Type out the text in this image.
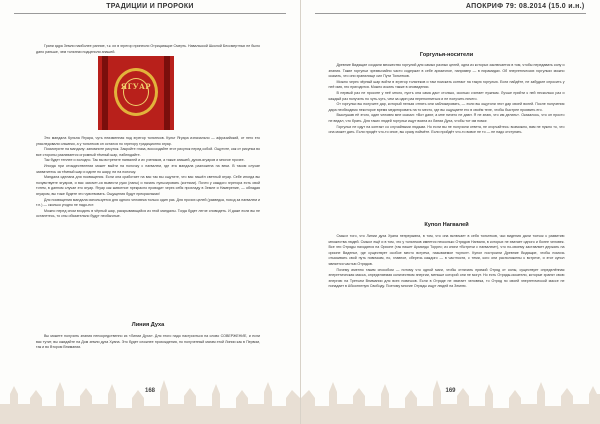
ТРАДИЦИИ И ПРОРОКИ

Грани ядра Земли наиболее ранние, т.к. их в эгрегор принесли Отрицающие Смерть. Навальской Школой Бессмертных не было дано раньше, чем тольтеки подцепили апашей.

ЯГУАР

Это мандала Кульпа Ягуара, чуть неизменная под эгрегор тольтеков. Культ Ягуара изначально — афразийский, от него его унаследовали ольмеки, а у тольтеков он остался по эгрегору традиционно ягуар.

Посмотрите на мандалу: запомните рисунок. Закройте глаза, воссоздайте этот рисунок перед собой. Ощутите, как от рисунка во все стороны разливается огромный тёмный шар, наблюдайте.

Так будет теплее и холодно. Так вы встретите нагвалей и их учеников, а также апашей, духов-ягуаров и многое прочее.

Иногда при отождествлении может выйти на полочку с нагвалем, где эта мандала разложена на веки. В таком случае захватитесь за тёмный шар и идите по шару, ни на полочку.

Мандала сделана для посвящения. Если она сработает на вас так вы ощутите, что вас нашёл светлый ягуар. Себе иногда вы почувствуете ягуаров, и вас захочет-ся вывести руки (лапы) и начать пульсировать (когтями). Почти у каждого эгрегора есть свой тотем, в данном случае это ягуар. Ягуар как животное прекрасно проводит через себя прохладу в Земле и Намерение, — обладая ягуаром, вы тоже будете это чувствовать. Ощущения будут прекрасными!

Для посвящения мандала используется для одного человека только один раз. Для прочих целей (разведка, поход за нагвалем и т.п.) — сколько угодно не надо-ест.

Можно перед сном входить в чёрный шар, раскрывающийся из этой мандалы. Тогда будет легче сновидеть. И даже если вы не останетесь, то сны обязательно будут необычные.

Линия Духа

Вы можете получить знания непосредственно из «Линии Духа». Для этого надо настроиться на слово СОВЕРЖЕНИЕ, и если вас тутит, вы ожидайте на Дом земли духа Хуана. Это будет сложнее прохождения, но полученный магам этой Линии как в Первом, так и во Втором Внимании.

168
АПОКРИФ 79: 08.2014 (15.0 и.н.)
Горгулья-носители

Древние Видящие создали множество горгулий для самых разных целей, одна из которых заключается в том, чтобы передавать силу и знания. Такие горгульи чрезвычайно часто содержат в себе архаичное, например — в пирамидах. Об энергетических горгульях можно сказать, что они хранилище сил Пути Тольтеков.

Можно через чёрный шар войти в эгрегор тольтеков и там поискать контакт на такую горгулью. Если найдёте, не забудьте спросить у неё имя, это пригодится. Можно искать также в сновидении.

В первый раз не просите у неё много, пусть она сама даст столько, сколько считает нужным. Лучше прийти к ней несколько раз и каждый раз получить по чуть-чуть, чем за один раз переполниться и не получить ничего.

От горгульи вы получите дар, который нельзя отнять или заблокировать, — если вы ощутили этот дар своей волей. После получения дара необходимо некоторое время медитировать на то место, где вы ощущаете его в своём теле, чтобы быстрее проявить его.

Выслушав её этого, один человек мне сказал: «Вот дают, а мне ничего не дают. Я не знаю, что им делать». Оказалось, что он просто не ведал, что брать. Для таких людей горгульи ищут воина из Линии Духа, чтобы тот им помог.

Горгульи не идут на контакт со случайными людьми. Но если вы не получили ответа, не огорчайтесь: возможно, вам не нужно то, что она может дать. Если придёт что-то иное, вы сразу поймёте. Если пройдёт что-то вовсе не то — не надо отступать.

Купол Нагвалей

Смысл того, что Линии духа Хуана непрерывна, в том, что она включает в себя тольтеков, чьи видения дали толчок к развитию множества людей. Смысл ещё и в том, что у тольтеков имеется несколько Отрядов Нагваля, в которых не хватает одного и более человек. Все эти Отряды находятся на Орионе (так пишет Армандо Торрес; из книги «Встречи с нагвалем»), что по-своему заставляет держать на орионе Виденье, где существует особое место встречи, называемое «купол». Купол построили Древние Видящие, чтобы помочь отыскивать свой путь новичкам, но, главное, сберечь каждого — в частности, с теми, кого они расположены к встрече, и этот купол является частью Отрядов.

Почему именно таким способом — потому что одной маги, чтобы отличать прямой Отряд от силы, существует определённая энергетическая масса, определяемая количеством энергии, меньше которой они не могут. Но есть Отряды-искатели, которые хранят свою энергию на Третьем Внимании для всех новичков. Если в Отряде не хватает человека, то Отряд по своей энергетической массе не попадает в Абсолютную Свободу. Поэтому многие Отряды ищут людей на Землю.

169
